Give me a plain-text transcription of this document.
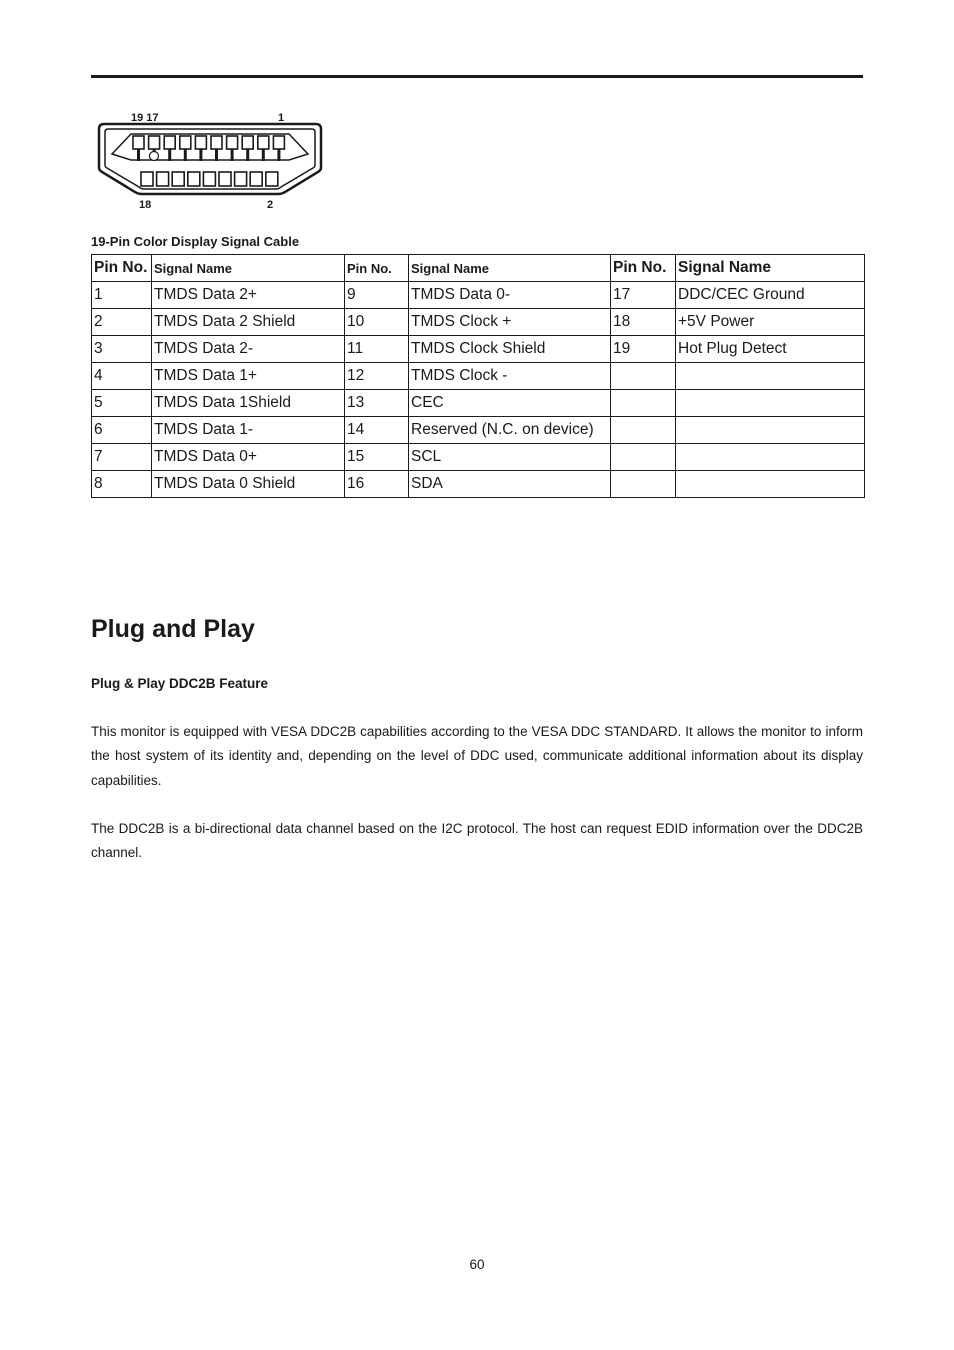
19 17	1
18	2
19-Pin Color Display Signal Cable
Pin No.	Signal Name	Pin No.	Signal Name	Pin No.	Signal Name
1	TMDS Data 2+	9	TMDS Data 0-	17	DDC/CEC Ground
2	TMDS Data 2 Shield	10	TMDS Clock +	18	+5V Power
3	TMDS Data 2-	11	TMDS Clock Shield	19	Hot Plug Detect
4	TMDS Data 1+	12	TMDS Clock -		
5	TMDS Data 1Shield	13	CEC		
6	TMDS Data 1-	14	Reserved (N.C. on device)		
7	TMDS Data 0+	15	SCL		
8	TMDS Data 0 Shield	16	SDA		
Plug and Play
Plug & Play DDC2B Feature

This monitor is equipped with VESA DDC2B capabilities according to the VESA DDC STANDARD. It allows the monitor to inform the host system of its identity and, depending on the level of DDC used, communicate additional information about its display capabilities.

The DDC2B is a bi-directional data channel based on the I2C protocol. The host can request EDID information over the DDC2B channel.

60
